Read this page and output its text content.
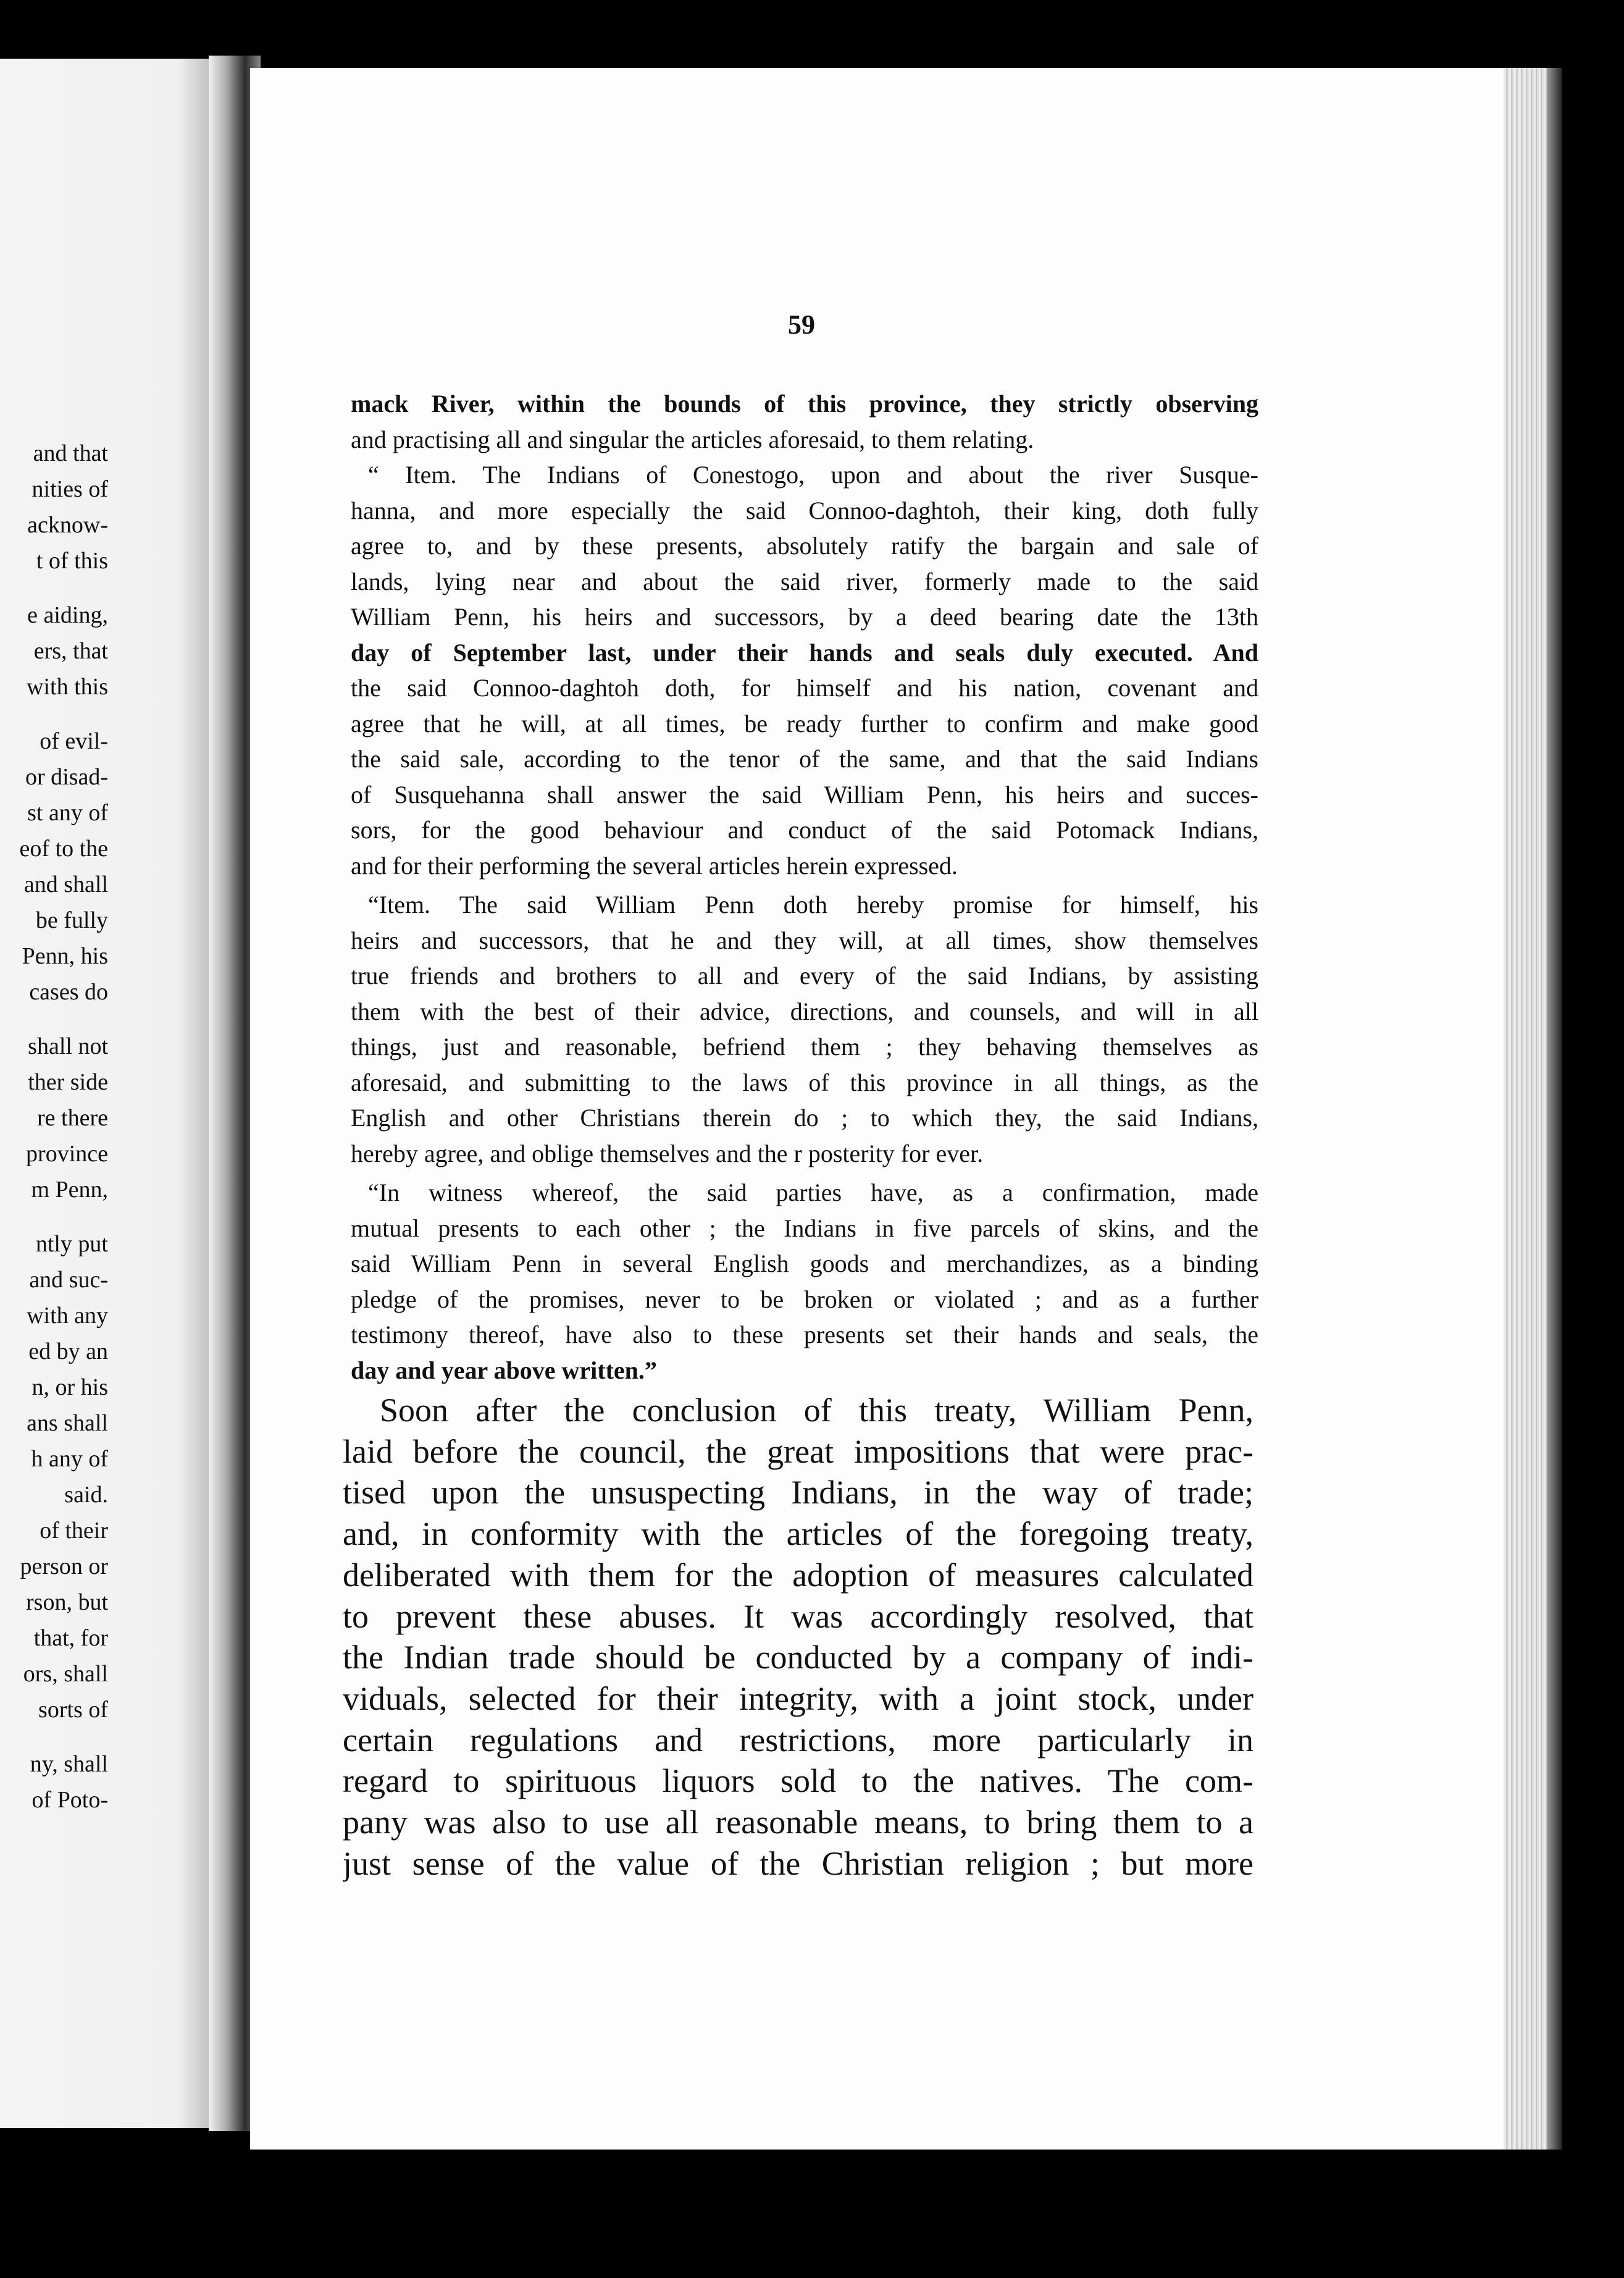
and that
nities of
acknow-
t of this
e aiding,
ers, that
with this
of evil-
or disad-
st any of
eof to the
and shall
be fully
Penn, his
cases do
shall not
ther side
re there
province
m Penn,
ntly put
and suc-
with any
ed by an
n, or his
ans shall
h any of
said.
of their
person or
rson, but
that, for
ors, shall
sorts of
ny, shall
of Poto-
59
mack River, within the bounds of this province, they strictly observing
and practising all and singular the articles aforesaid, to them relating.
“ Item. The Indians of Conestogo, upon and about the river Susque-
hanna, and more especially the said Connoo-daghtoh, their king, doth fully
agree to, and by these presents, absolutely ratify the bargain and sale of
lands, lying near and about the said river, formerly made to the said
William Penn, his heirs and successors, by a deed bearing date the 13th
day of September last, under their hands and seals duly executed. And
the said Connoo-daghtoh doth, for himself and his nation, covenant and
agree that he will, at all times, be ready further to confirm and make good
the said sale, according to the tenor of the same, and that the said Indians
of Susquehanna shall answer the said William Penn, his heirs and succes-
sors, for the good behaviour and conduct of the said Potomack Indians,
and for their performing the several articles herein expressed.
“Item. The said William Penn doth hereby promise for himself, his
heirs and successors, that he and they will, at all times, show themselves
true friends and brothers to all and every of the said Indians, by assisting
them with the best of their advice, directions, and counsels, and will in all
things, just and reasonable, befriend them ; they behaving themselves as
aforesaid, and submitting to the laws of this province in all things, as the
English and other Christians therein do ; to which they, the said Indians,
hereby agree, and oblige themselves and the r posterity for ever.
“In witness whereof, the said parties have, as a confirmation, made
mutual presents to each other ; the Indians in five parcels of skins, and the
said William Penn in several English goods and merchandizes, as a binding
pledge of the promises, never to be broken or violated ; and as a further
testimony thereof, have also to these presents set their hands and seals, the
day and year above written.”
Soon after the conclusion of this treaty, William Penn,
laid before the council, the great impositions that were prac-
tised upon the unsuspecting Indians, in the way of trade;
and, in conformity with the articles of the foregoing treaty,
deliberated with them for the adoption of measures calculated
to prevent these abuses. It was accordingly resolved, that
the Indian trade should be conducted by a company of indi-
viduals, selected for their integrity, with a joint stock, under
certain regulations and restrictions, more particularly in
regard to spirituous liquors sold to the natives. The com-
pany was also to use all reasonable means, to bring them to a
just sense of the value of the Christian religion ; but more
